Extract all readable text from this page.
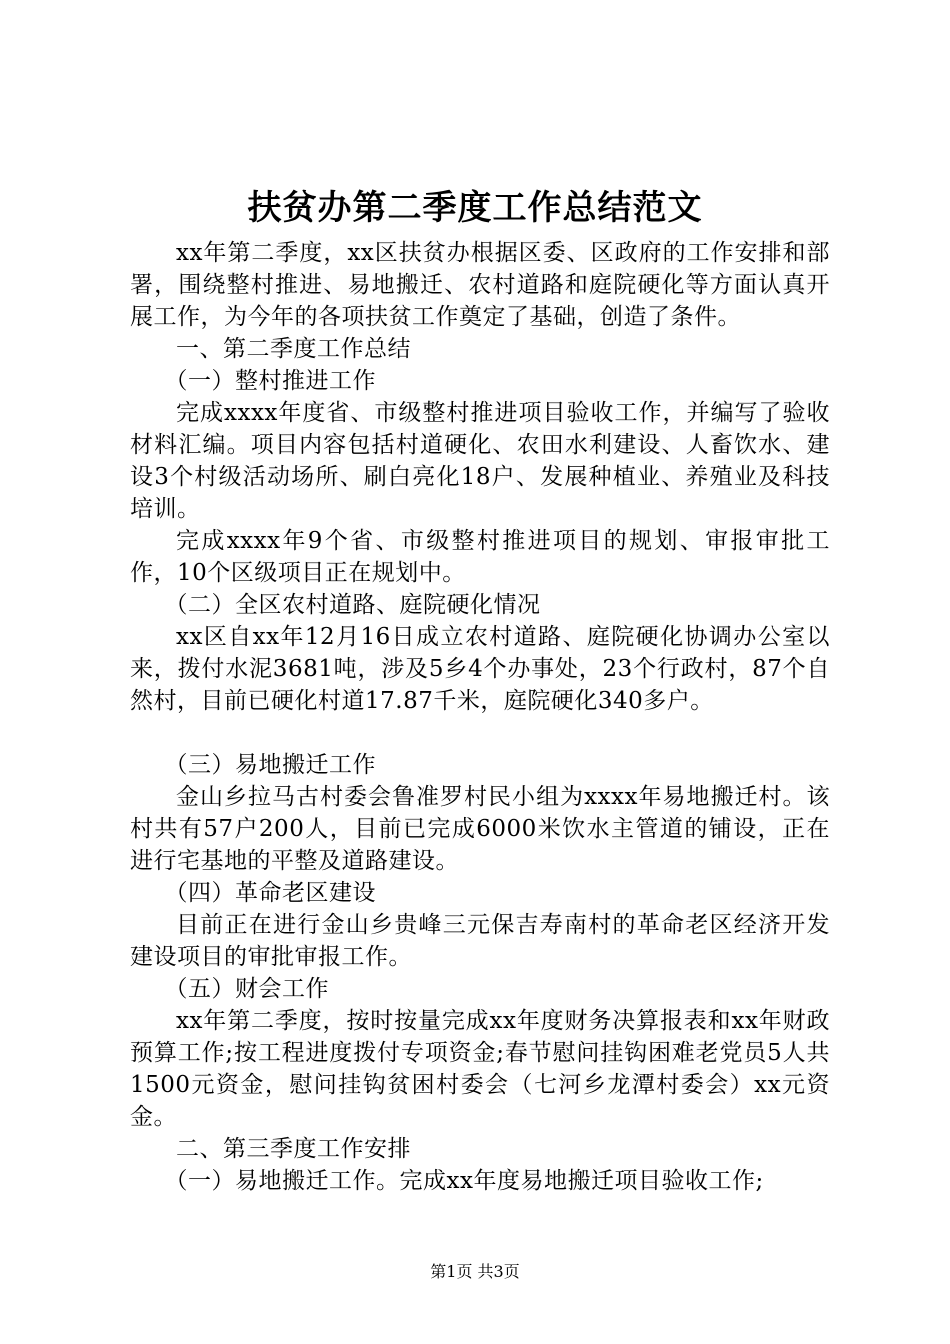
扶贫办第二季度工作总结范文

xx年第二季度，xx区扶贫办根据区委、区政府的工作安排和部署，围绕整村推进、易地搬迁、农村道路和庭院硬化等方面认真开展工作，为今年的各项扶贫工作奠定了基础，创造了条件。

一、第二季度工作总结

（一）整村推进工作

完成xxxx年度省、市级整村推进项目验收工作，并编写了验收材料汇编。项目内容包括村道硬化、农田水利建设、人畜饮水、建设3个村级活动场所、刷白亮化18户、发展种植业、养殖业及科技培训。

完成xxxx年9个省、市级整村推进项目的规划、审报审批工作，10个区级项目正在规划中。

（二）全区农村道路、庭院硬化情况

xx区自xx年12月16日成立农村道路、庭院硬化协调办公室以来，拨付水泥3681吨，涉及5乡4个办事处，23个行政村，87个自然村，目前已硬化村道17.87千米，庭院硬化340多户。

（三）易地搬迁工作

金山乡拉马古村委会鲁准罗村民小组为xxxx年易地搬迁村。该村共有57户200人，目前已完成6000米饮水主管道的铺设，正在进行宅基地的平整及道路建设。

（四）革命老区建设

目前正在进行金山乡贵峰三元保吉寿南村的革命老区经济开发建设项目的审批审报工作。

（五）财会工作

xx年第二季度，按时按量完成xx年度财务决算报表和xx年财政预算工作;按工程进度拨付专项资金;春节慰问挂钩困难老党员5人共1500元资金，慰问挂钩贫困村委会（七河乡龙潭村委会）xx元资金。

二、第三季度工作安排

（一）易地搬迁工作。完成xx年度易地搬迁项目验收工作;

第1页 共3页
